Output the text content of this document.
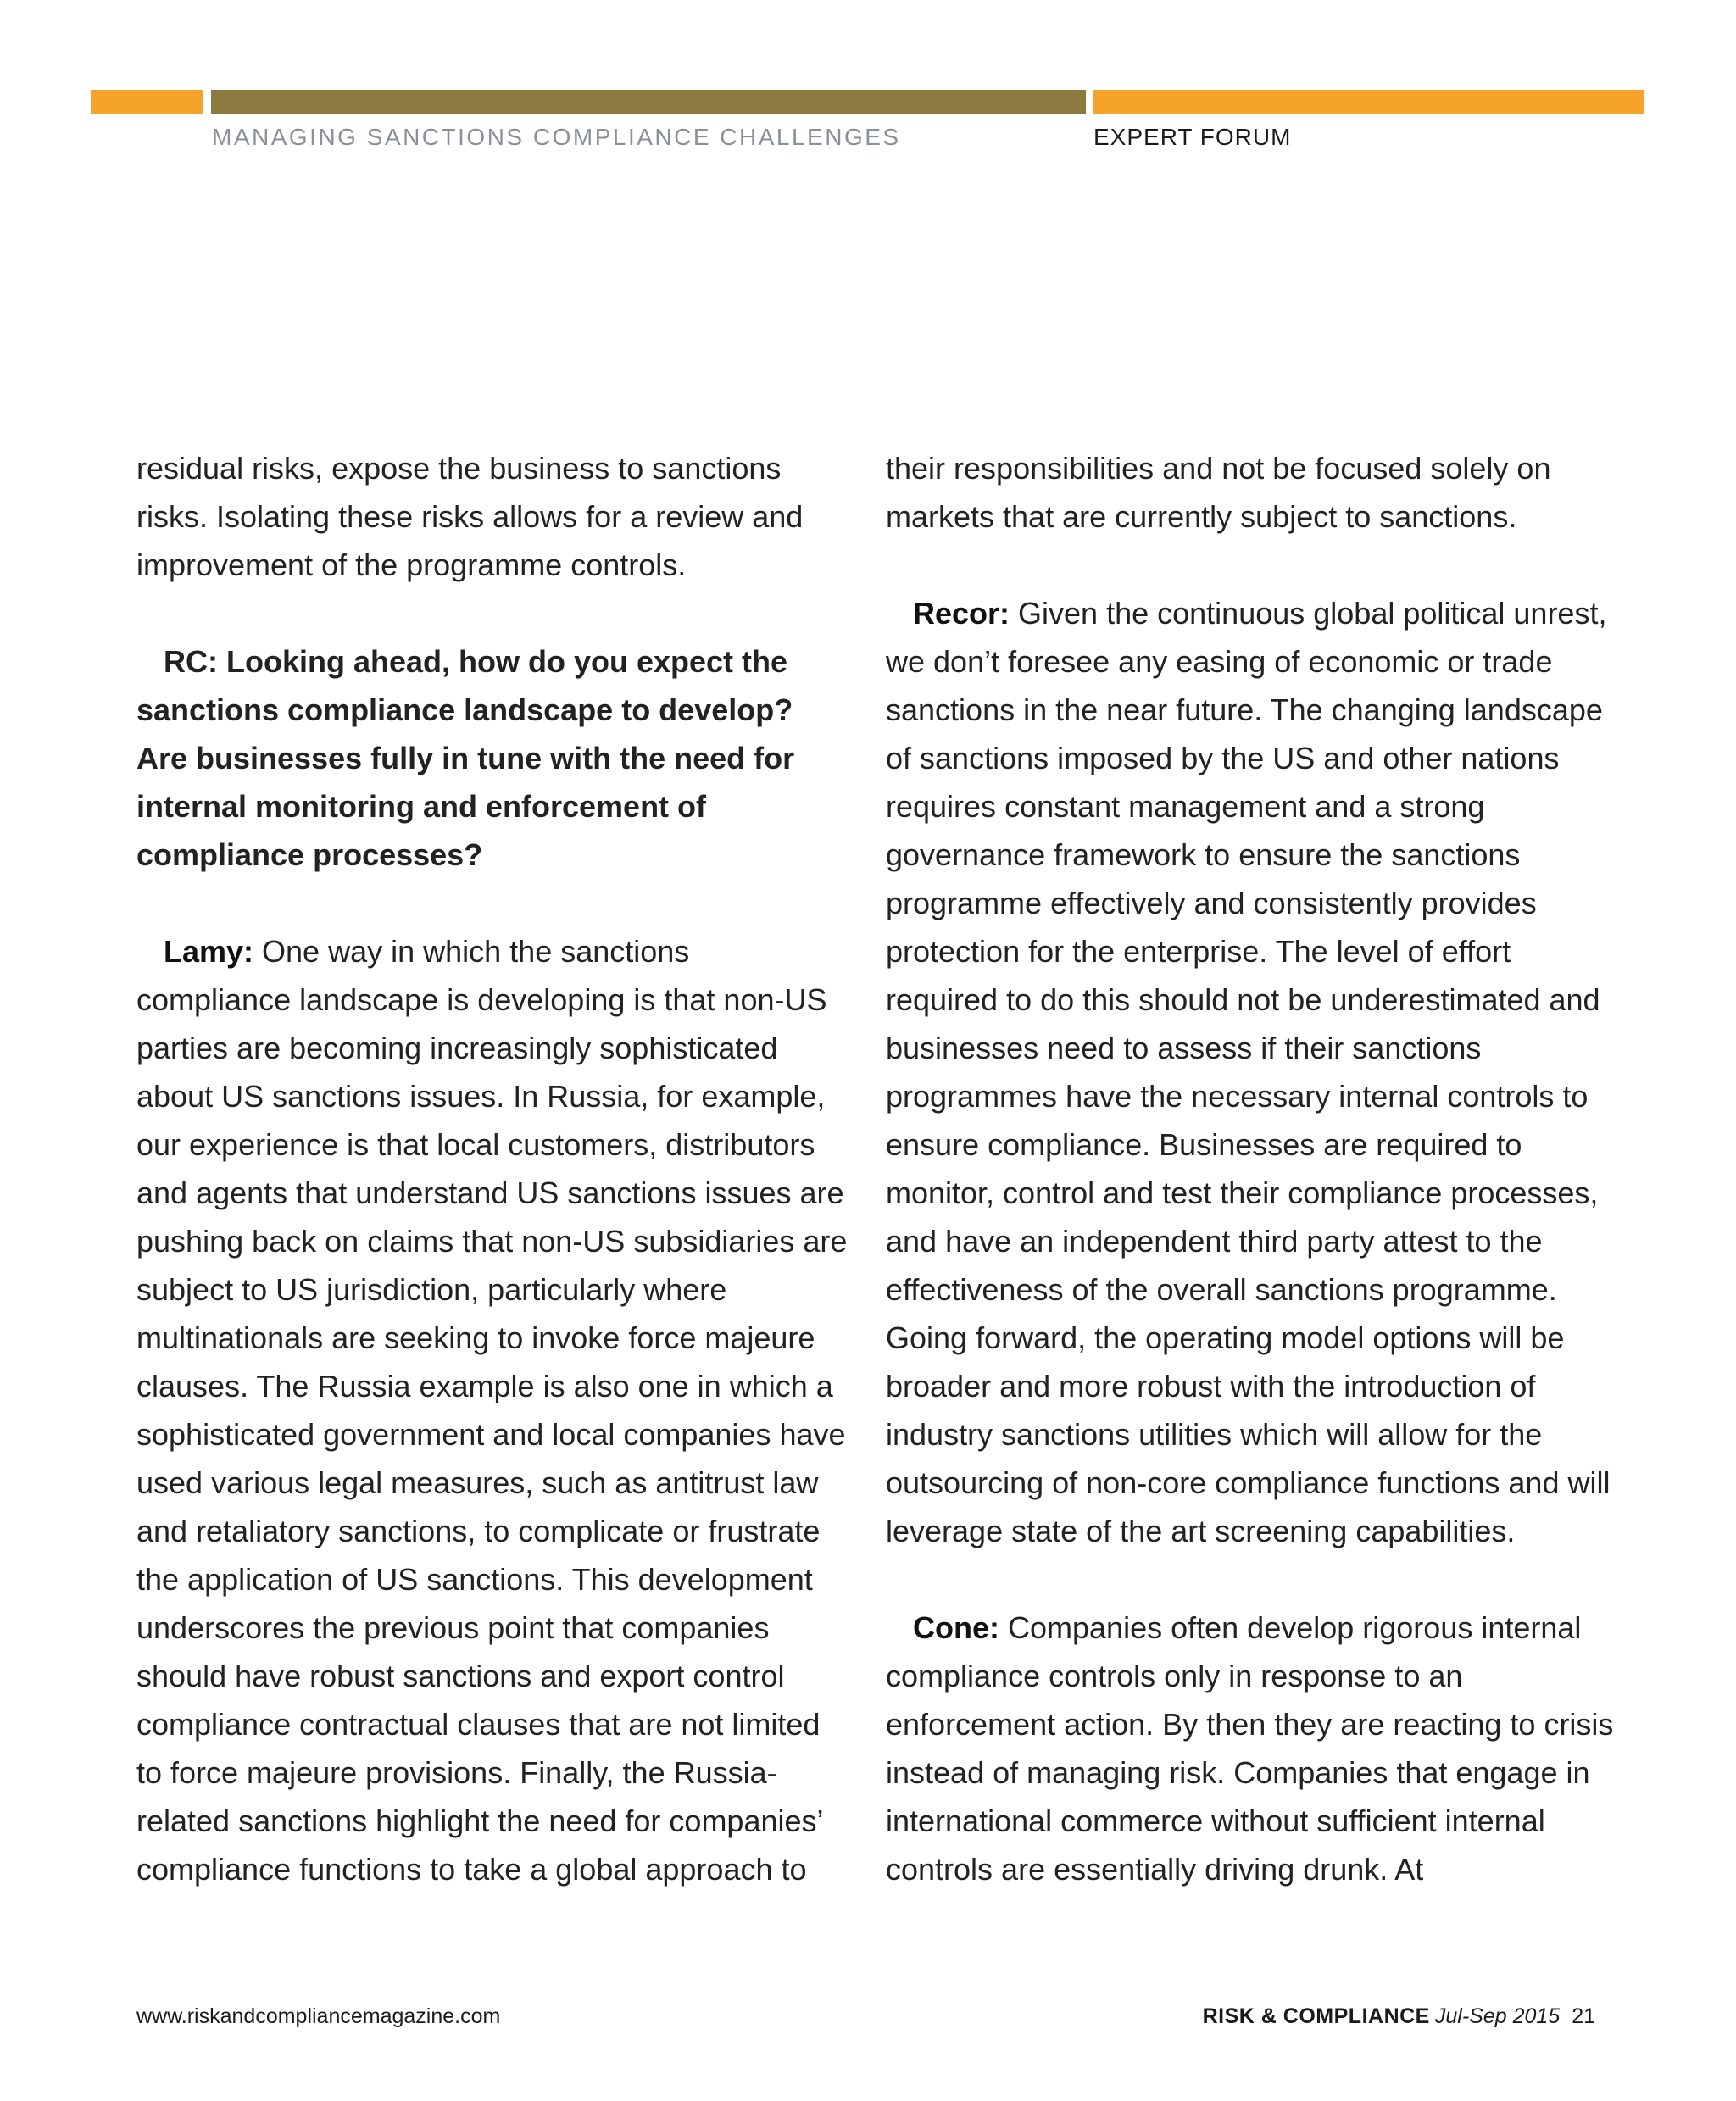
MANAGING SANCTIONS COMPLIANCE CHALLENGES	EXPERT FORUM

residual risks, expose the business to sanctions risks. Isolating these risks allows for a review and improvement of the programme controls.

RC: Looking ahead, how do you expect the sanctions compliance landscape to develop? Are businesses fully in tune with the need for internal monitoring and enforcement of compliance processes?

Lamy: One way in which the sanctions compliance landscape is developing is that non-US parties are becoming increasingly sophisticated about US sanctions issues. In Russia, for example, our experience is that local customers, distributors and agents that understand US sanctions issues are pushing back on claims that non-US subsidiaries are subject to US jurisdiction, particularly where multinationals are seeking to invoke force majeure clauses. The Russia example is also one in which a sophisticated government and local companies have used various legal measures, such as antitrust law and retaliatory sanctions, to complicate or frustrate the application of US sanctions. This development underscores the previous point that companies should have robust sanctions and export control compliance contractual clauses that are not limited to force majeure provisions. Finally, the Russia-related sanctions highlight the need for companies’ compliance functions to take a global approach to

their responsibilities and not be focused solely on markets that are currently subject to sanctions.

Recor: Given the continuous global political unrest, we don’t foresee any easing of economic or trade sanctions in the near future. The changing landscape of sanctions imposed by the US and other nations requires constant management and a strong governance framework to ensure the sanctions programme effectively and consistently provides protection for the enterprise. The level of effort required to do this should not be underestimated and businesses need to assess if their sanctions programmes have the necessary internal controls to ensure compliance. Businesses are required to monitor, control and test their compliance processes, and have an independent third party attest to the effectiveness of the overall sanctions programme. Going forward, the operating model options will be broader and more robust with the introduction of industry sanctions utilities which will allow for the outsourcing of non-core compliance functions and will leverage state of the art screening capabilities.

Cone: Companies often develop rigorous internal compliance controls only in response to an enforcement action. By then they are reacting to crisis instead of managing risk. Companies that engage in international commerce without sufficient internal controls are essentially driving drunk. At

www.riskandcompliancemagazine.com	RISK & COMPLIANCE Jul-Sep 2015 21
